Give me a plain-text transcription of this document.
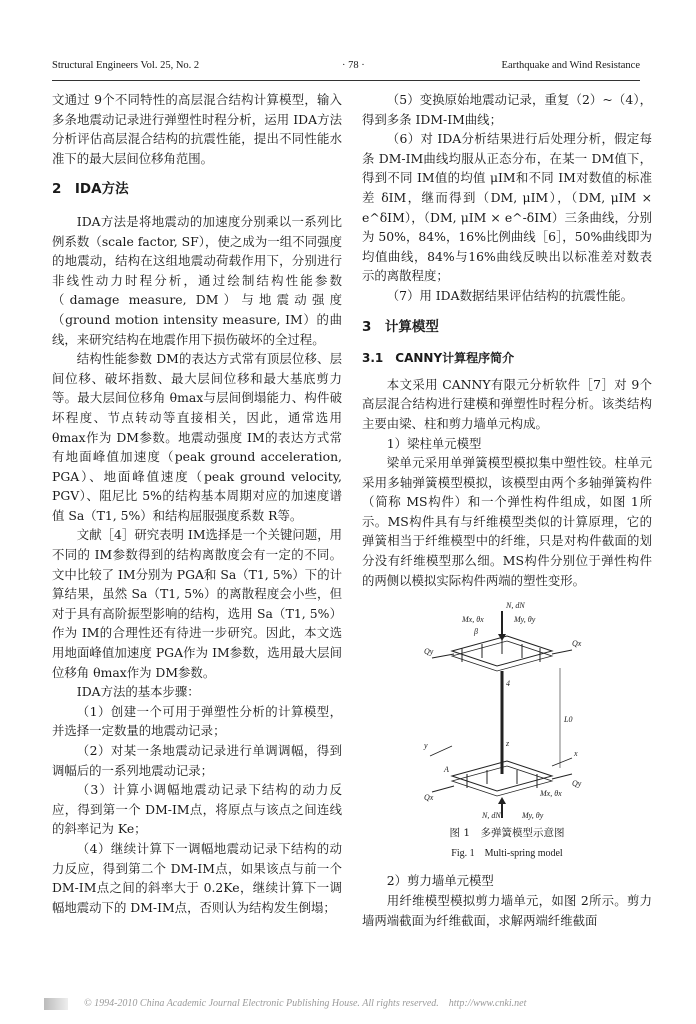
Structural Engineers Vol. 25, No. 2	· 78 ·	Earthquake and Wind Resistance

文通过 9个不同特性的高层混合结构计算模型，输入多条地震动记录进行弹塑性时程分析，运用 IDA方法分析评估高层混合结构的抗震性能，提出不同性能水准下的最大层间位移角范围。

2　IDA方法

IDA方法是将地震动的加速度分别乘以一系列比例系数（scale factor, SF），使之成为一组不同强度的地震动，结构在这组地震动荷载作用下，分别进行非线性动力时程分析，通过绘制结构性能参数（damage measure, DM）与地震动强度（ground motion intensity measure, IM）的曲线，来研究结构在地震作用下损伤破坏的全过程。

结构性能参数 DM的表达方式常有顶层位移、层间位移、破坏指数、最大层间位移和最大基底剪力等。最大层间位移角 θmax与层间倒塌能力、构件破坏程度、节点转动等直接相关，因此，通常选用 θmax作为 DM参数。地震动强度 IM的表达方式常有地面峰值加速度（peak ground acceleration, PGA）、地面峰值速度（peak ground velocity, PGV）、阻尼比 5%的结构基本周期对应的加速度谱值 Sa（T1, 5%）和结构屈服强度系数 R等。

文献［4］研究表明 IM选择是一个关键问题，用不同的 IM参数得到的结构离散度会有一定的不同。文中比较了 IM分别为 PGA和 Sa（T1, 5%）下的计算结果，虽然 Sa（T1, 5%）的离散程度会小些，但对于具有高阶振型影响的结构，选用 Sa（T1, 5%）作为 IM的合理性还有待进一步研究。因此，本文选用地面峰值加速度 PGA作为 IM参数，选用最大层间位移角 θmax作为 DM参数。

IDA方法的基本步骤：

（1）创建一个可用于弹塑性分析的计算模型，并选择一定数量的地震动记录；

（2）对某一条地震动记录进行单调调幅，得到调幅后的一系列地震动记录；

（3）计算小调幅地震动记录下结构的动力反应，得到第一个 DM-IM点，将原点与该点之间连线的斜率记为 Ke；

（4）继续计算下一调幅地震动记录下结构的动力反应，得到第二个 DM-IM点，如果该点与前一个 DM-IM点之间的斜率大于 0.2Ke，继续计算下一调幅地震动下的 DM-IM点，否则认为结构发生倒塌；

（5）变换原始地震动记录，重复（2）~（4），得到多条 IDM-IM曲线；

（6）对 IDA分析结果进行后处理分析，假定每条 DM-IM曲线均服从正态分布，在某一 DM值下，得到不同 IM值的均值 μIM和不同 IM对数值的标准差 δIM，继而得到（DM, μIM），（DM, μIM × e^δIM），（DM, μIM × e^-δIM）三条曲线，分别为 50%，84%，16%比例曲线［6］，50%曲线即为均值曲线，84%与16%曲线反映出以标准差对数表示的离散程度；

（7）用 IDA数据结果评估结构的抗震性能。

3　计算模型
3.1　CANNY计算程序简介

本文采用 CANNY有限元分析软件［7］对 9个高层混合结构进行建模和弹塑性时程分析。该类结构主要由梁、柱和剪力墙单元构成。

1）梁柱单元模型

梁单元采用单弹簧模型模拟集中塑性铰。柱单元采用多轴弹簧模型模拟，该模型由两个多轴弹簧构件（简称 MS构件）和一个弹性构件组成，如图 1所示。MS构件具有与纤维模型类似的计算原理，它的弹簧相当于纤维模型中的纤维，只是对构件截面的划分没有纤维模型那么细。MS构件分别位于弹性构件的两侧以模拟实际构件两端的塑性变形。

N, dN
Mx, θx	My, θy
Qy
Qx
β
L0
4
y
x
z
A
Mx, θx
N, dN	My, θy
Qx
Qy
图 1　多弹簧模型示意图
Fig. 1　Multi-spring model

2）剪力墙单元模型

用纤维模型模拟剪力墙单元，如图 2所示。剪力墙两端截面为纤维截面，求解两端纤维截面

© 1994-2010 China Academic Journal Electronic Publishing House. All rights reserved.　http://www.cnki.net
